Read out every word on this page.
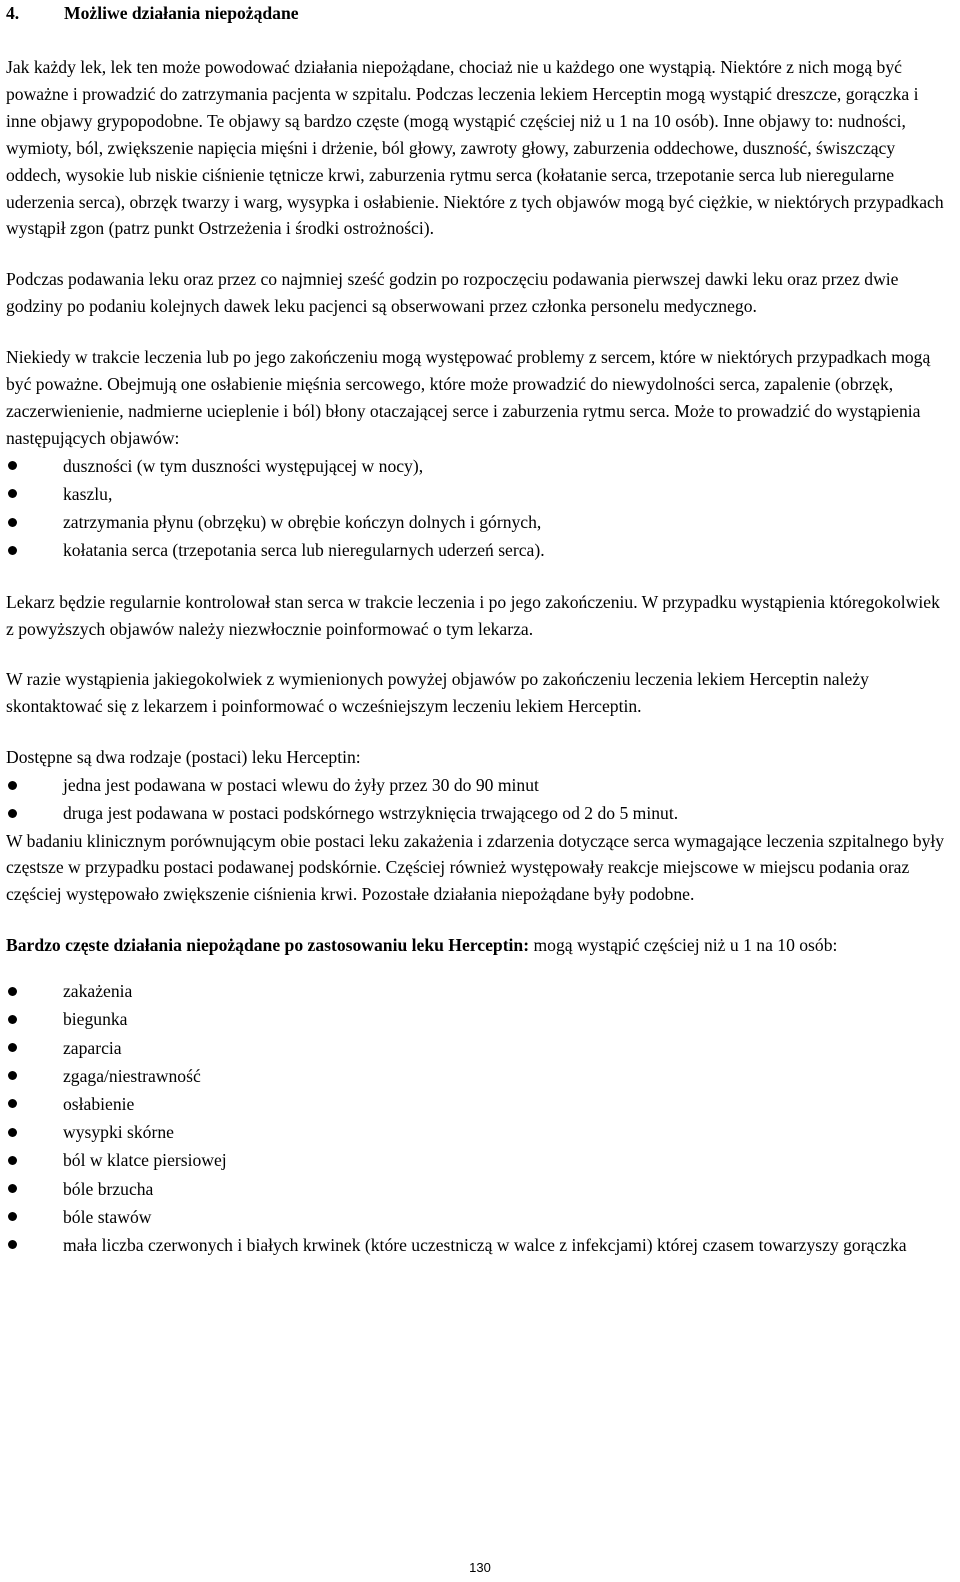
4.	Możliwe działania niepożądane

Jak każdy lek, lek ten może powodować działania niepożądane, chociaż nie u każdego one wystąpią. Niektóre z nich mogą być poważne i prowadzić do zatrzymania pacjenta w szpitalu. Podczas leczenia lekiem Herceptin mogą wystąpić dreszcze, gorączka i inne objawy grypopodobne. Te objawy są bardzo częste (mogą wystąpić częściej niż u 1 na 10 osób). Inne objawy to: nudności, wymioty, ból, zwiększenie napięcia mięśni i drżenie, ból głowy, zawroty głowy, zaburzenia oddechowe, duszność, świszczący oddech, wysokie lub niskie ciśnienie tętnicze krwi, zaburzenia rytmu serca (kołatanie serca, trzepotanie serca lub nieregularne uderzenia serca), obrzęk twarzy i warg, wysypka i osłabienie. Niektóre z tych objawów mogą być ciężkie, w niektórych przypadkach wystąpił zgon (patrz punkt Ostrzeżenia i środki ostrożności).

Podczas podawania leku oraz przez co najmniej sześć godzin po rozpoczęciu podawania pierwszej dawki leku oraz przez dwie godziny po podaniu kolejnych dawek leku pacjenci są obserwowani przez członka personelu medycznego.

Niekiedy w trakcie leczenia lub po jego zakończeniu mogą występować problemy z sercem, które w niektórych przypadkach mogą być poważne. Obejmują one osłabienie mięśnia sercowego, które może prowadzić do niewydolności serca, zapalenie (obrzęk, zaczerwienienie, nadmierne ucieplenie i ból) błony otaczającej serce i zaburzenia rytmu serca. Może to prowadzić do wystąpienia następujących objawów:

duszności (w tym duszności występującej w nocy),
kaszlu,
zatrzymania płynu (obrzęku) w obrębie kończyn dolnych i górnych,
kołatania serca (trzepotania serca lub nieregularnych uderzeń serca).

Lekarz będzie regularnie kontrolował stan serca w trakcie leczenia i po jego zakończeniu. W przypadku wystąpienia któregokolwiek z powyższych objawów należy niezwłocznie poinformować o tym lekarza.

W razie wystąpienia jakiegokolwiek z wymienionych powyżej objawów po zakończeniu leczenia lekiem Herceptin należy skontaktować się z lekarzem i poinformować o wcześniejszym leczeniu lekiem Herceptin.

Dostępne są dwa rodzaje (postaci) leku Herceptin:

jedna jest podawana w postaci wlewu do żyły przez 30 do 90 minut
druga jest podawana w postaci podskórnego wstrzyknięcia trwającego od 2 do 5 minut.

W badaniu klinicznym porównującym obie postaci leku zakażenia i zdarzenia dotyczące serca wymagające leczenia szpitalnego były częstsze w przypadku postaci podawanej podskórnie. Częściej również występowały reakcje miejscowe w miejscu podania oraz częściej występowało zwiększenie ciśnienia krwi. Pozostałe działania niepożądane były podobne.

Bardzo częste działania niepożądane po zastosowaniu leku Herceptin: mogą wystąpić częściej niż u 1 na 10 osób:

zakażenia
biegunka
zaparcia
zgaga/niestrawność
osłabienie
wysypki skórne
ból w klatce piersiowej
bóle brzucha
bóle stawów
mała liczba czerwonych i białych krwinek (które uczestniczą w walce z infekcjami) której czasem towarzyszy gorączka
130
